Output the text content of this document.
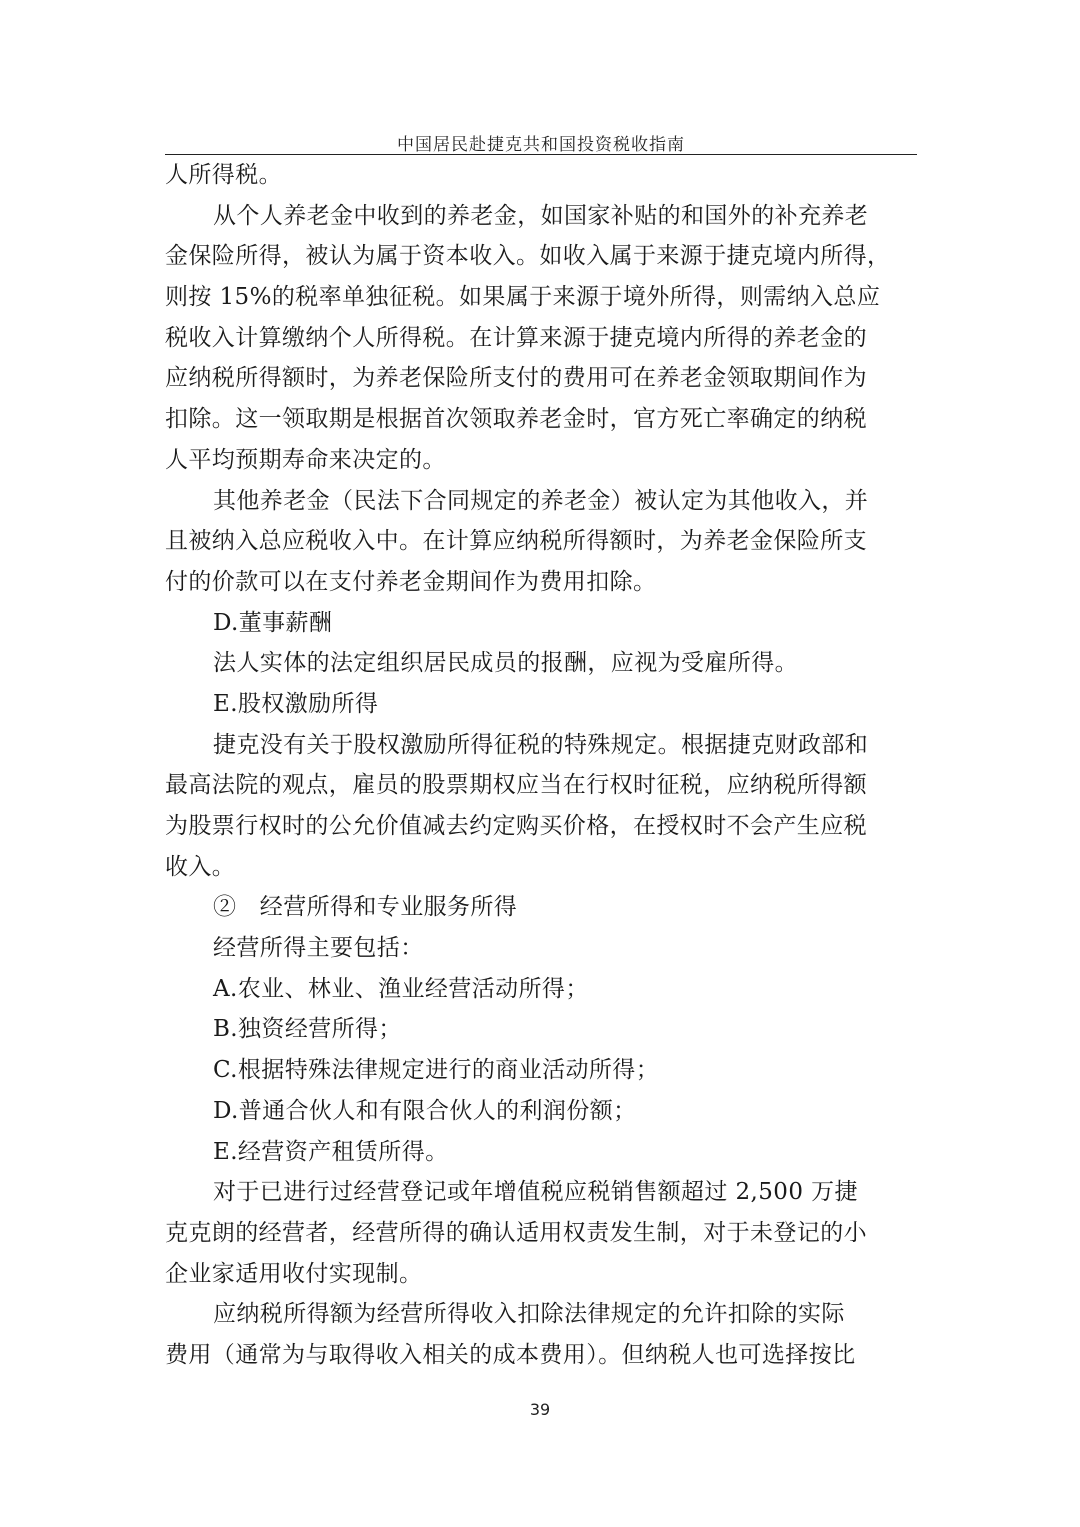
中国居民赴捷克共和国投资税收指南
人所得税。
从个人养老金中收到的养老金，如国家补贴的和国外的补充养老
金保险所得，被认为属于资本收入。如收入属于来源于捷克境内所得，
则按 15%的税率单独征税。如果属于来源于境外所得，则需纳入总应
税收入计算缴纳个人所得税。在计算来源于捷克境内所得的养老金的
应纳税所得额时，为养老保险所支付的费用可在养老金领取期间作为
扣除。这一领取期是根据首次领取养老金时，官方死亡率确定的纳税
人平均预期寿命来决定的。
其他养老金（民法下合同规定的养老金）被认定为其他收入，并
且被纳入总应税收入中。在计算应纳税所得额时，为养老金保险所支
付的价款可以在支付养老金期间作为费用扣除。
D.董事薪酬
法人实体的法定组织居民成员的报酬，应视为受雇所得。
E.股权激励所得
捷克没有关于股权激励所得征税的特殊规定。根据捷克财政部和
最高法院的观点，雇员的股票期权应当在行权时征税，应纳税所得额
为股票行权时的公允价值减去约定购买价格，在授权时不会产生应税
收入。
②　经营所得和专业服务所得
经营所得主要包括：
A.农业、林业、渔业经营活动所得；
B.独资经营所得；
C.根据特殊法律规定进行的商业活动所得；
D.普通合伙人和有限合伙人的利润份额；
E.经营资产租赁所得。
对于已进行过经营登记或年增值税应税销售额超过 2,500 万捷
克克朗的经营者，经营所得的确认适用权责发生制，对于未登记的小
企业家适用收付实现制。
应纳税所得额为经营所得收入扣除法律规定的允许扣除的实际
费用（通常为与取得收入相关的成本费用）。但纳税人也可选择按比
39
